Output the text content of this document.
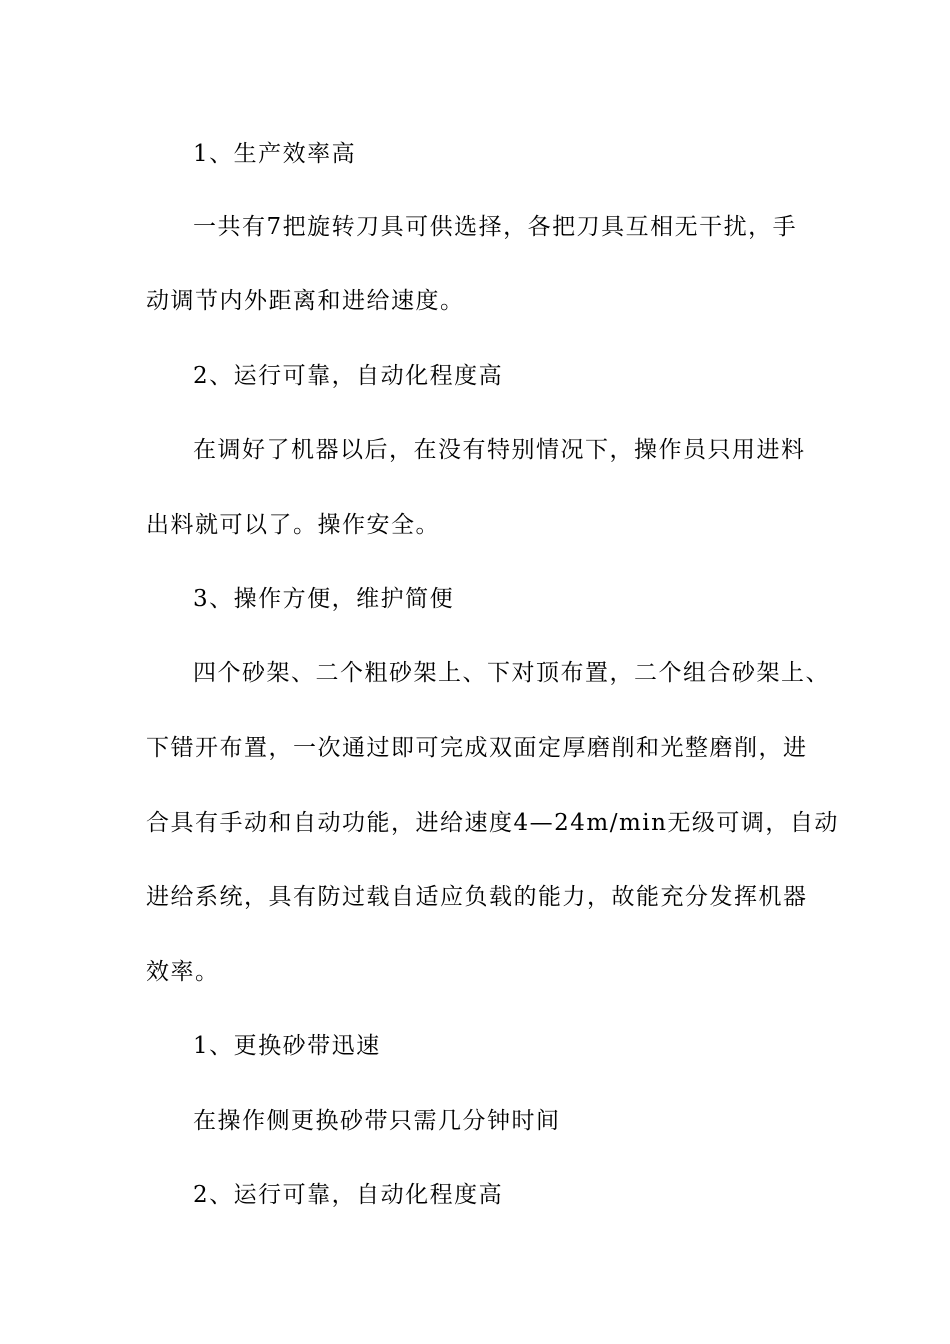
1、生产效率高
一共有7把旋转刀具可供选择，各把刀具互相无干扰，手
动调节内外距离和进给速度。
2、运行可靠，自动化程度高
在调好了机器以后，在没有特别情况下，操作员只用进料
出料就可以了。操作安全。
3、操作方便，维护简便
四个砂架、二个粗砂架上、下对顶布置，二个组合砂架上、
下错开布置，一次通过即可完成双面定厚磨削和光整磨削，进
合具有手动和自动功能，进给速度4—24m/min无级可调，自动
进给系统，具有防过载自适应负载的能力，故能充分发挥机器
效率。
1、更换砂带迅速
在操作侧更换砂带只需几分钟时间
2、运行可靠，自动化程度高
